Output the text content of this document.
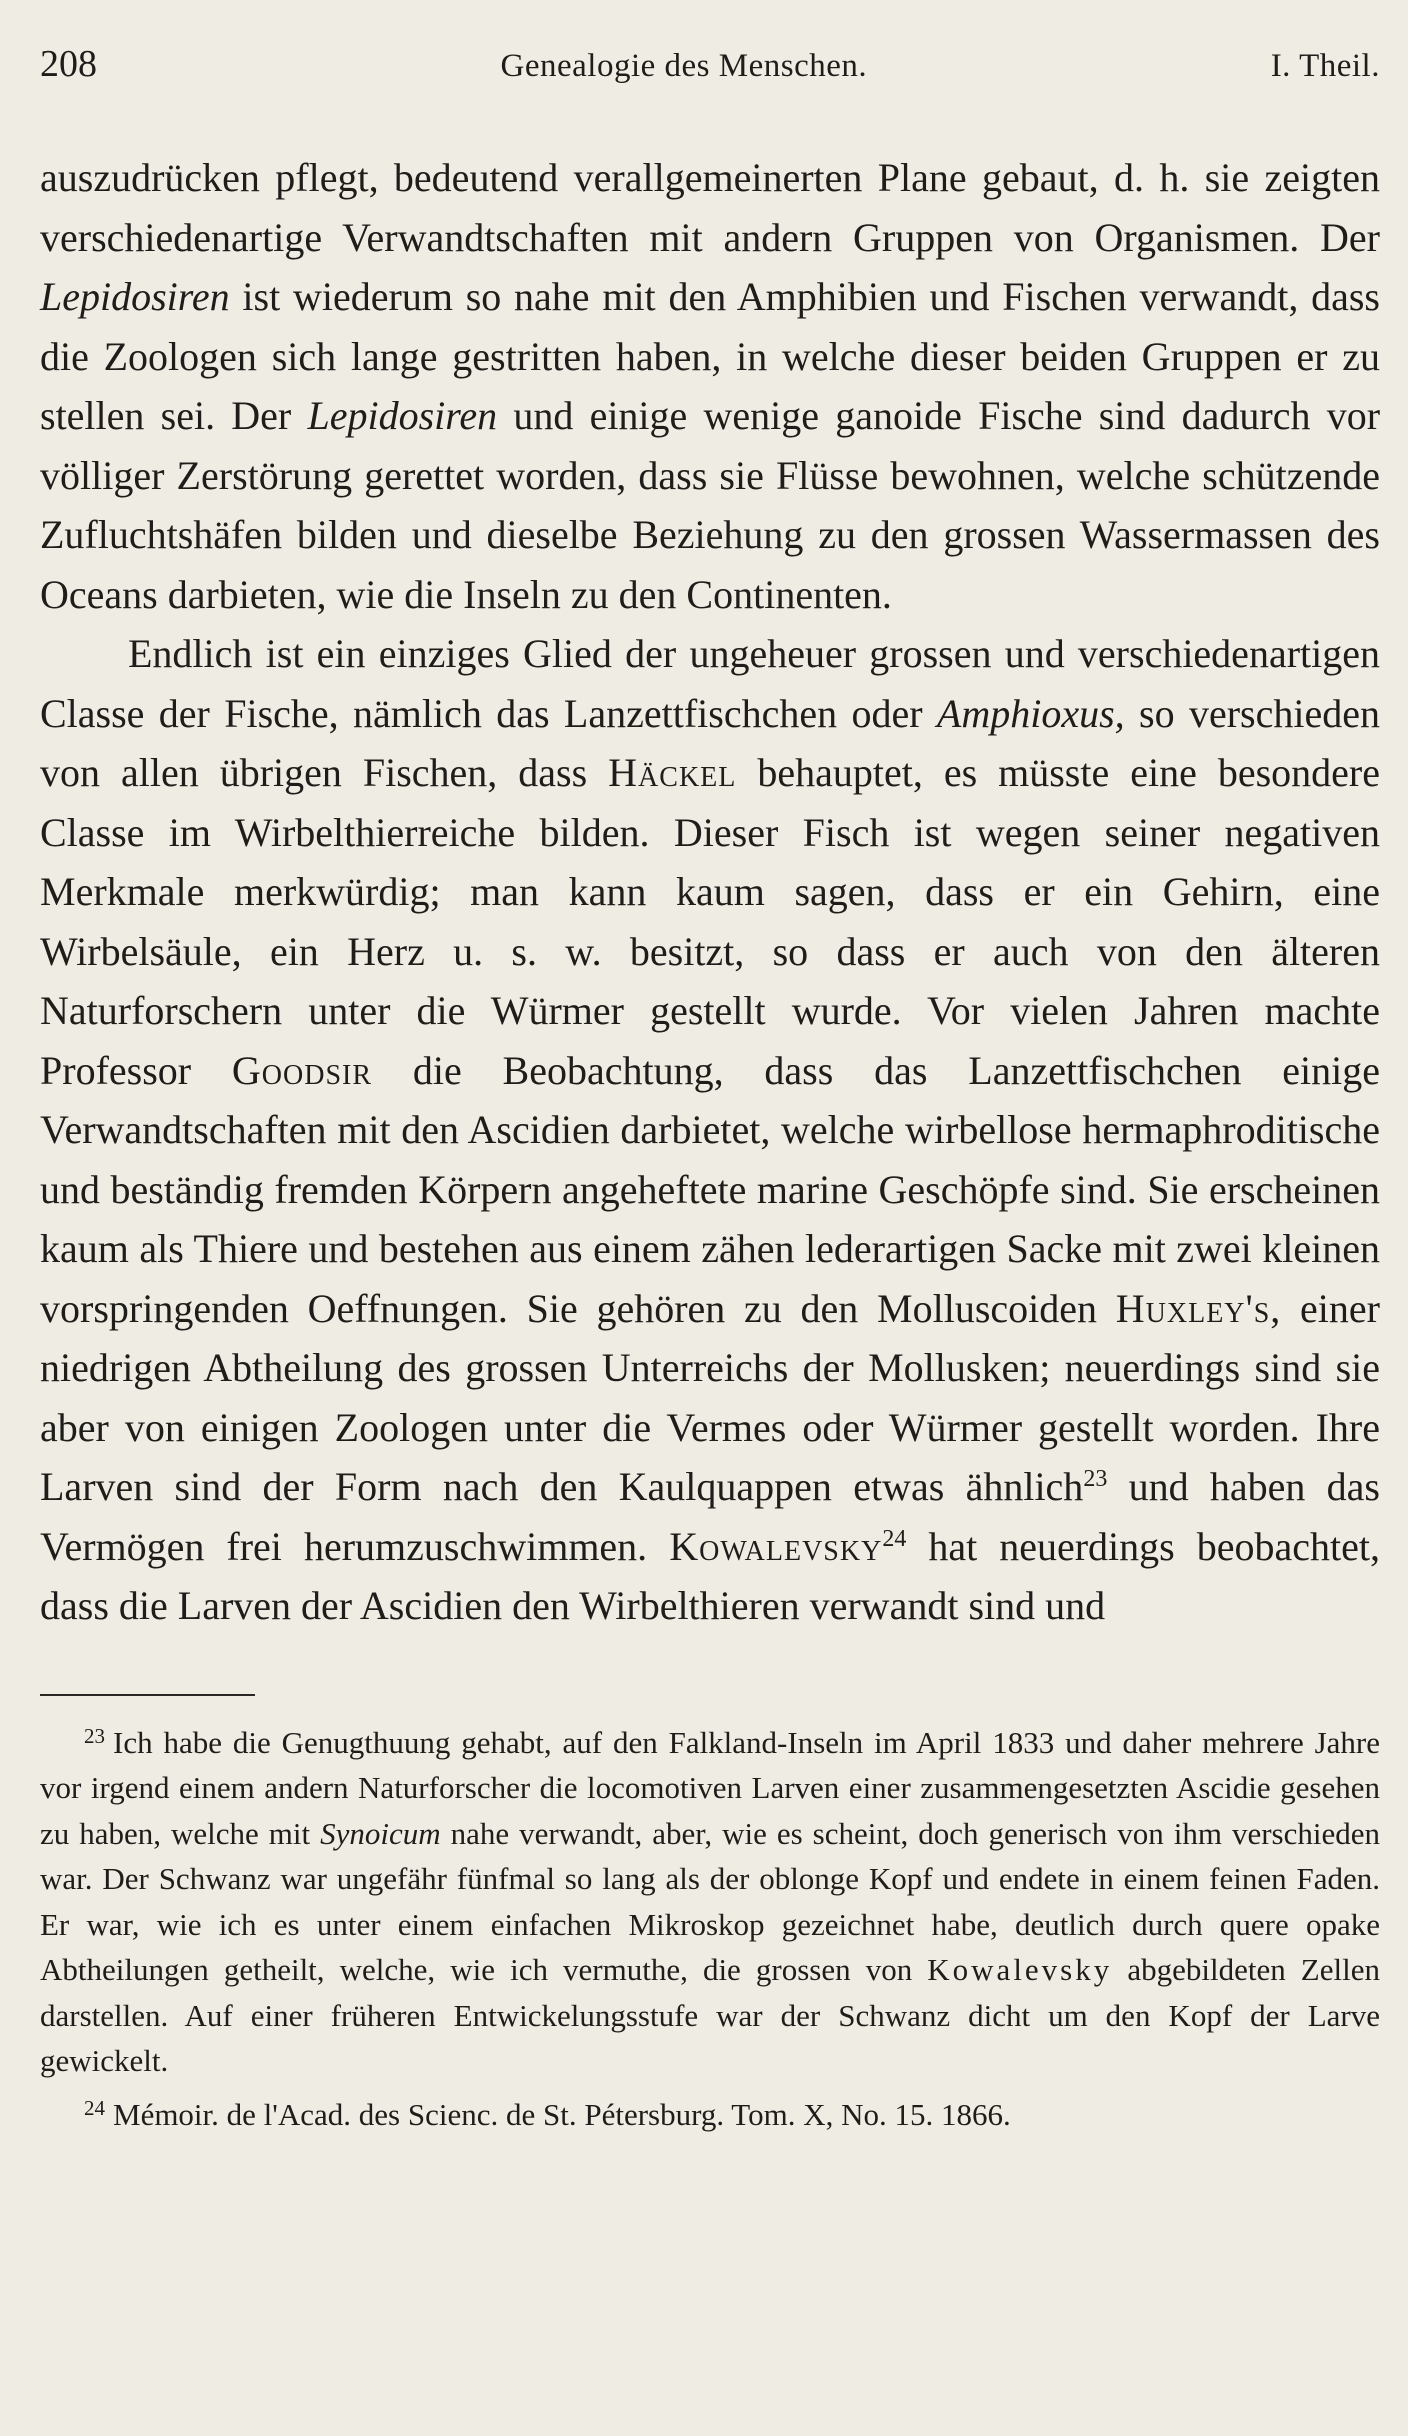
208	Genealogie des Menschen.	I. Theil.

auszudrücken pflegt, bedeutend verallgemeinerten Plane gebaut, d. h. sie zeigten verschiedenartige Verwandtschaften mit andern Gruppen von Organismen. Der Lepidosiren ist wiederum so nahe mit den Amphibien und Fischen verwandt, dass die Zoologen sich lange gestritten haben, in welche dieser beiden Gruppen er zu stellen sei. Der Lepidosiren und einige wenige ganoide Fische sind dadurch vor völliger Zerstörung gerettet worden, dass sie Flüsse bewohnen, welche schützende Zufluchtshäfen bilden und dieselbe Beziehung zu den grossen Wassermassen des Oceans darbieten, wie die Inseln zu den Continenten.

Endlich ist ein einziges Glied der ungeheuer grossen und verschiedenartigen Classe der Fische, nämlich das Lanzettfischchen oder Amphioxus, so verschieden von allen übrigen Fischen, dass Häckel behauptet, es müsste eine besondere Classe im Wirbelthierreiche bilden. Dieser Fisch ist wegen seiner negativen Merkmale merkwürdig; man kann kaum sagen, dass er ein Gehirn, eine Wirbelsäule, ein Herz u. s. w. besitzt, so dass er auch von den älteren Naturforschern unter die Würmer gestellt wurde. Vor vielen Jahren machte Professor Goodsir die Beobachtung, dass das Lanzettfischchen einige Verwandtschaften mit den Ascidien darbietet, welche wirbellose hermaphroditische und beständig fremden Körpern angeheftete marine Geschöpfe sind. Sie erscheinen kaum als Thiere und bestehen aus einem zähen lederartigen Sacke mit zwei kleinen vorspringenden Oeffnungen. Sie gehören zu den Molluscoiden Huxley's, einer niedrigen Abtheilung des grossen Unterreichs der Mollusken; neuerdings sind sie aber von einigen Zoologen unter die Vermes oder Würmer gestellt worden. Ihre Larven sind der Form nach den Kaulquappen etwas ähnlich$^{23}$ und haben das Vermögen frei herumzuschwimmen. Kowalevsky$^{24}$ hat neuerdings beobachtet, dass die Larven der Ascidien den Wirbelthieren verwandt sind und

$^{23}$ Ich habe die Genugthuung gehabt, auf den Falkland-Inseln im April 1833 und daher mehrere Jahre vor irgend einem andern Naturforscher die locomotiven Larven einer zusammengesetzten Ascidie gesehen zu haben, welche mit Synoicum nahe verwandt, aber, wie es scheint, doch generisch von ihm verschieden war. Der Schwanz war ungefähr fünfmal so lang als der oblonge Kopf und endete in einem feinen Faden. Er war, wie ich es unter einem einfachen Mikroskop gezeichnet habe, deutlich durch quere opake Abtheilungen getheilt, welche, wie ich vermuthe, die grossen von Kowalevsky abgebildeten Zellen darstellen. Auf einer früheren Entwickelungsstufe war der Schwanz dicht um den Kopf der Larve gewickelt.

$^{24}$ Mémoir. de l'Acad. des Scienc. de St. Pétersburg. Tom. X, No. 15. 1866.
